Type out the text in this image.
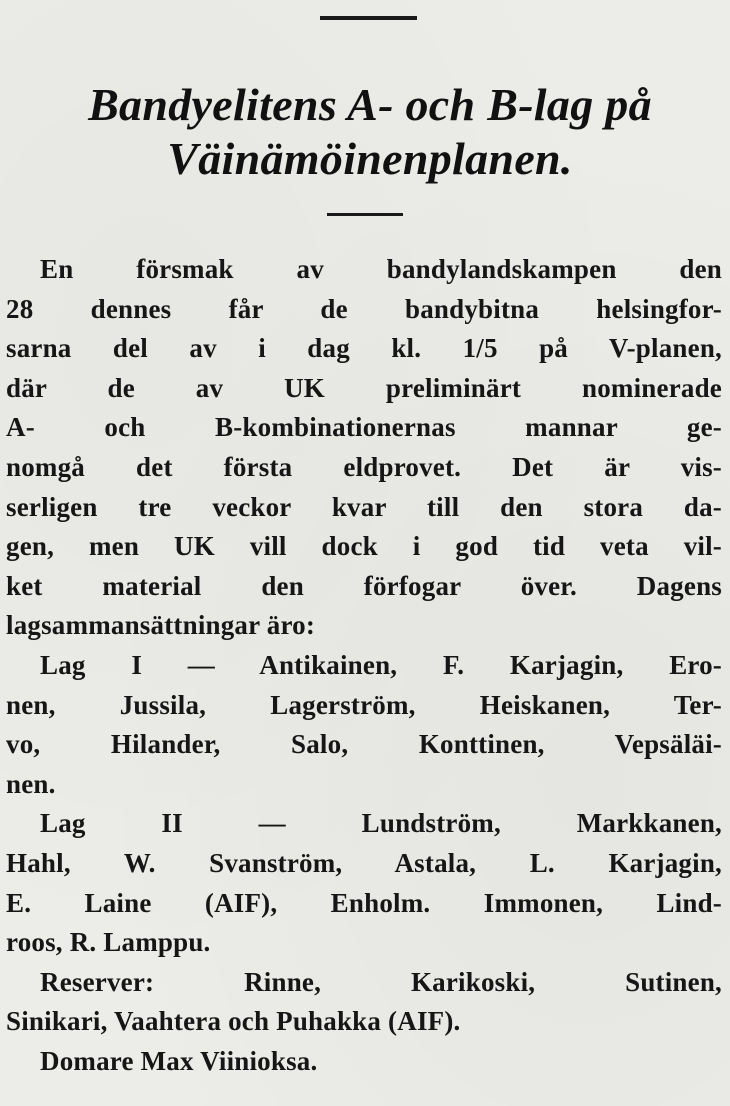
Bandyelitens A- och B-lag på
Väinämöinenplanen.
En försmak av bandylandskampen den
28 dennes får de bandybitna helsingfor-
sarna del av i dag kl. 1/5 på V-planen,
där de av UK preliminärt nominerade
A- och B-kombinationernas mannar ge-
nomgå det första eldprovet. Det är vis-
serligen tre veckor kvar till den stora da-
gen, men UK vill dock i god tid veta vil-
ket material den förfogar över. Dagens
lagsammansättningar äro:
Lag I — Antikainen, F. Karjagin, Ero-
nen, Jussila, Lagerström, Heiskanen, Ter-
vo, Hilander, Salo, Konttinen, Vepsäläi-
nen.
Lag II — Lundström, Markkanen,
Hahl, W. Svanström, Astala, L. Karjagin,
E. Laine (AIF), Enholm. Immonen, Lind-
roos, R. Lamppu.
Reserver: Rinne, Karikoski, Sutinen,
Sinikari, Vaahtera och Puhakka (AIF).
Domare Max Viinioksa.
